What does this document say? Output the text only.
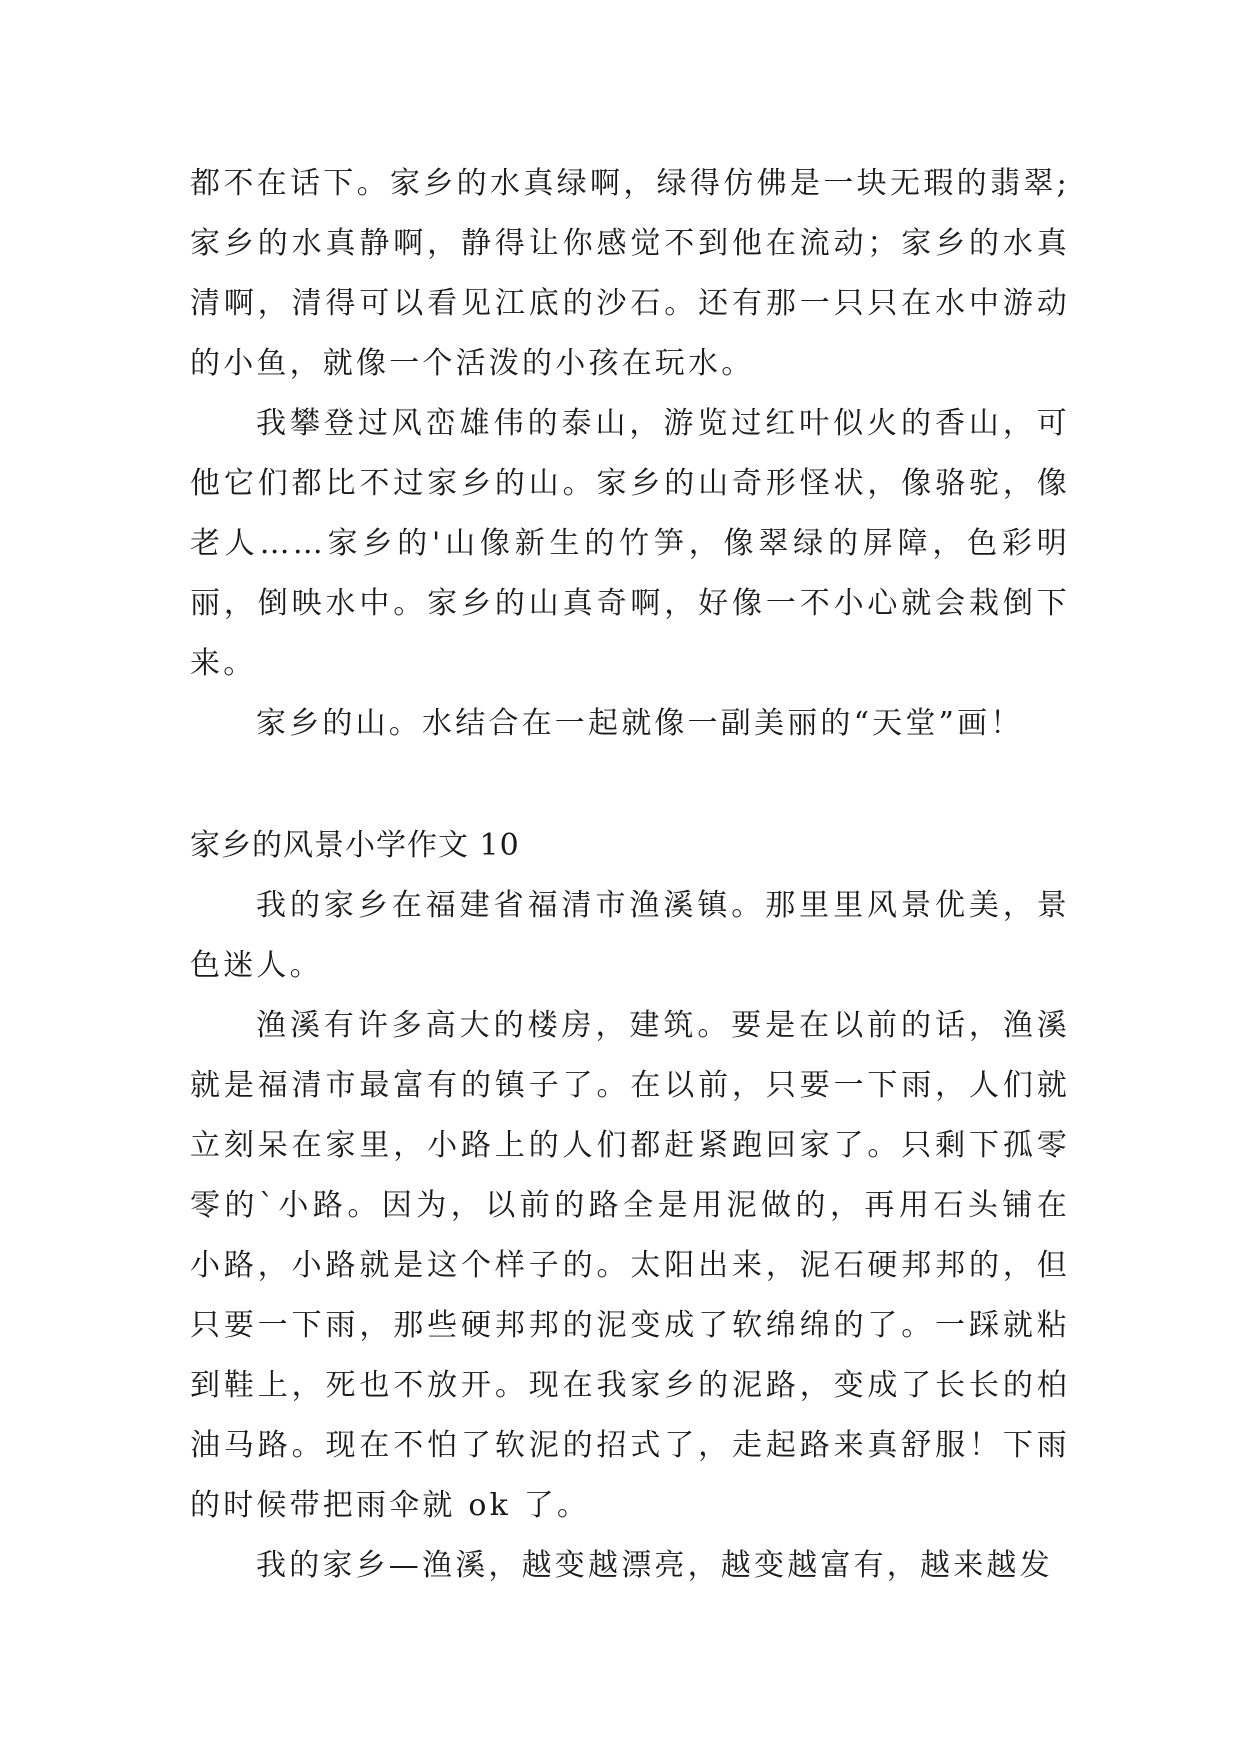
都不在话下。家乡的水真绿啊，绿得仿佛是一块无瑕的翡翠;家乡的水真静啊，静得让你感觉不到他在流动；家乡的水真清啊，清得可以看见江底的沙石。还有那一只只在水中游动的小鱼，就像一个活泼的小孩在玩水。

我攀登过风峦雄伟的泰山，游览过红叶似火的香山，可他它们都比不过家乡的山。家乡的山奇形怪状，像骆驼，像老人……家乡的'山像新生的竹笋，像翠绿的屏障，色彩明丽，倒映水中。家乡的山真奇啊，好像一不小心就会栽倒下来。

家乡的山。水结合在一起就像一副美丽的“天堂”画！

家乡的风景小学作文 10

我的家乡在福建省福清市渔溪镇。那里里风景优美，景色迷人。

渔溪有许多高大的楼房，建筑。要是在以前的话，渔溪就是福清市最富有的镇子了。在以前，只要一下雨，人们就立刻呆在家里，小路上的人们都赶紧跑回家了。只剩下孤零零的`小路。因为，以前的路全是用泥做的，再用石头铺在小路，小路就是这个样子的。太阳出来，泥石硬邦邦的，但只要一下雨，那些硬邦邦的泥变成了软绵绵的了。一踩就粘到鞋上，死也不放开。现在我家乡的泥路，变成了长长的柏油马路。现在不怕了软泥的招式了，走起路来真舒服！下雨的时候带把雨伞就 ok 了。

我的家乡—渔溪，越变越漂亮，越变越富有，越来越发
